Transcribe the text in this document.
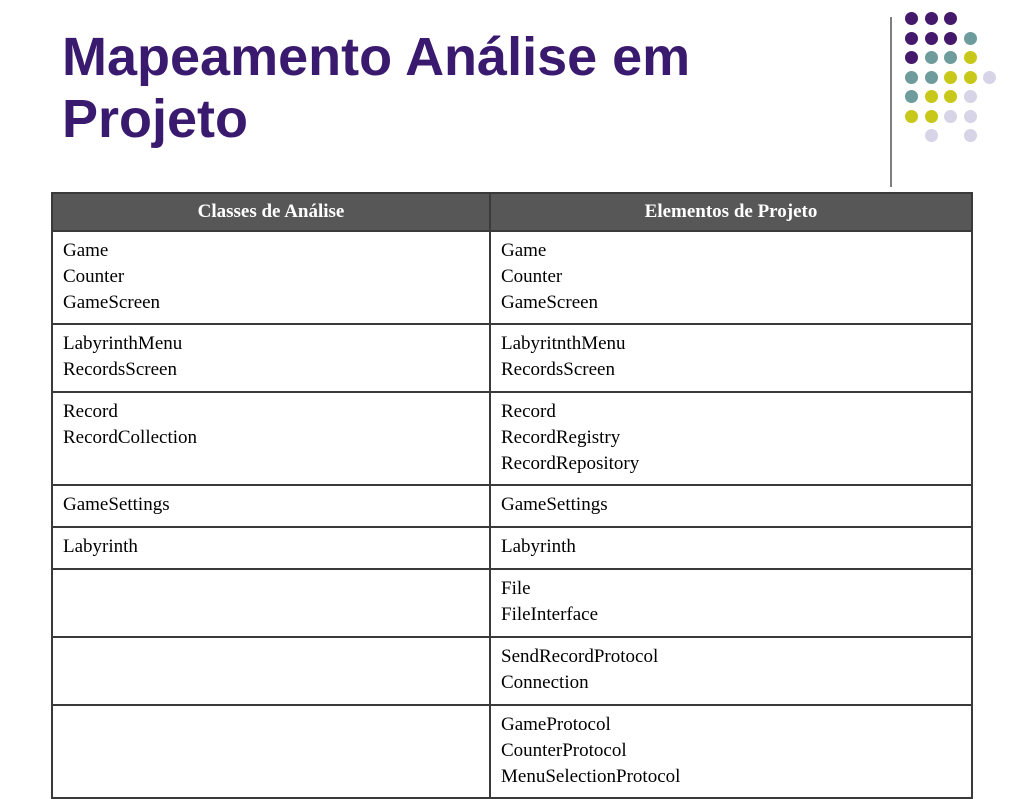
Mapeamento Análise em
Projeto
Classes de Análise	Elementos de Projeto

Game
Counter
GameScreen	Game
Counter
GameScreen

LabyrinthMenu
RecordsScreen	LabyritnthMenu
RecordsScreen

Record
RecordCollection	Record
RecordRegistry
RecordRepository

GameSettings	GameSettings

Labyrinth	Labyrinth

	File
FileInterface

	SendRecordProtocol
Connection

	GameProtocol
CounterProtocol
MenuSelectionProtocol
